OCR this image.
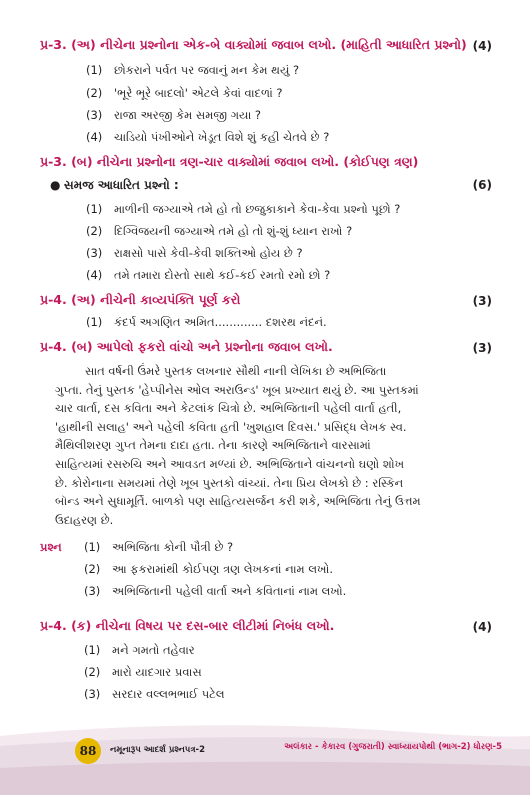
પ્ર-3. (અ) નીચેના પ્રશ્નોના એક-બે વાક્યોમાં જવાબ લખો. (માહિતી આધારિત પ્રશ્નો) (4)
(1) છોકરાને પર્વત પર જવાનું મન કેમ થયું ?
(2) 'ભૂરે ભૂરે બાદલો' એટલે કેવાં વાદળાં ?
(3) રાજા અરજી કેમ સમજી ગયા ?
(4) ચાડિયો પંખીઓને ખેડૂત વિશે શું કહી ચેતવે છે ?
પ્ર-3. (બ) નીચેના પ્રશ્નોના ત્રણ-ચાર વાક્યોમાં જવાબ લખો. (કોઈપણ ત્રણ)
● સમજ આધારિત પ્રશ્નો :	(6)
(1) માળીની જગ્યાએ તમે હો તો છજુકાકાને કેવા-કેવા પ્રશ્નો પૂછો ?
(2) દિગ્વિજયની જગ્યાએ તમે હો તો શું-શું ધ્યાન રાખો ?
(3) રાક્ષસો પાસે કેવી-કેવી શક્તિઓ હોય છે ?
(4) તમે તમારા દોસ્તો સાથે કઈ-કઈ રમતો રમો છો ?
પ્ર-4. (અ) નીચેની કાવ્યપંક્તિ પૂર્ણ કરો	(3)
(1) કંદર્પ અગણિત અમિત............. દશરથ નંદનં.
પ્ર-4. (બ) આપેલો ફકરો વાંચો અને પ્રશ્નોના જવાબ લખો.	(3)

સાત વર્ષની ઉંમરે પુસ્તક લખનાર સૌથી નાની લેખિકા છે અભિજિતા

ગુપ્તા. તેનું પુસ્તક 'હેપ્પીનેસ ઓલ અરાઉન્ડ' ખૂબ પ્રખ્યાત થયું છે. આ પુસ્તકમાં

ચાર વાર્તા, દસ કવિતા અને કેટલાંક ચિત્રો છે. અભિજિતાની પહેલી વાર્તા હતી,

'હાથીની સલાહ' અને પહેલી કવિતા હતી 'ખુશહાલ દિવસ.' પ્રસિદ્ધ લેખક સ્વ.

મૈથિલીશરણ ગુપ્ત તેમના દાદા હતા. તેના કારણે અભિજિતાને વારસામાં

સાહિત્યમાં રસરુચિ અને આવડત મળ્યાં છે. અભિજિતાને વાંચનનો ઘણો શોખ

છે. કોરોનાના સમયમાં તેણે ખૂબ પુસ્તકો વાંચ્યાં. તેના પ્રિય લેખકો છે : રસ્કિન

બૉન્ડ અને સુધામૂર્તિ. બાળકો પણ સાહિત્યસર્જન કરી શકે, અભિજિતા તેનું ઉત્તમ

ઉદાહરણ છે.

પ્રશ્ન (1) અભિજિતા કોની પૌત્રી છે ?
(2) આ ફકરામાંથી કોઈપણ ત્રણ લેખકનાં નામ લખો.
(3) અભિજિતાની પહેલી વાર્તા અને કવિતાનાં નામ લખો.
પ્ર-4. (ક) નીચેના વિષય પર દસ-બાર લીટીમાં નિબંધ લખો.	(4)
(1) મને ગમતો તહેવાર
(2) મારો યાદગાર પ્રવાસ
(3) સરદાર વલ્લભભાઈ પટેલ
88	નમૂનારૂપ આદર્શ પ્રશ્નપત્ર-2	અલંકાર - કેકારવ (ગુજરાતી) સ્વાધ્યાયપોથી (ભાગ-2) ધોરણ-5
